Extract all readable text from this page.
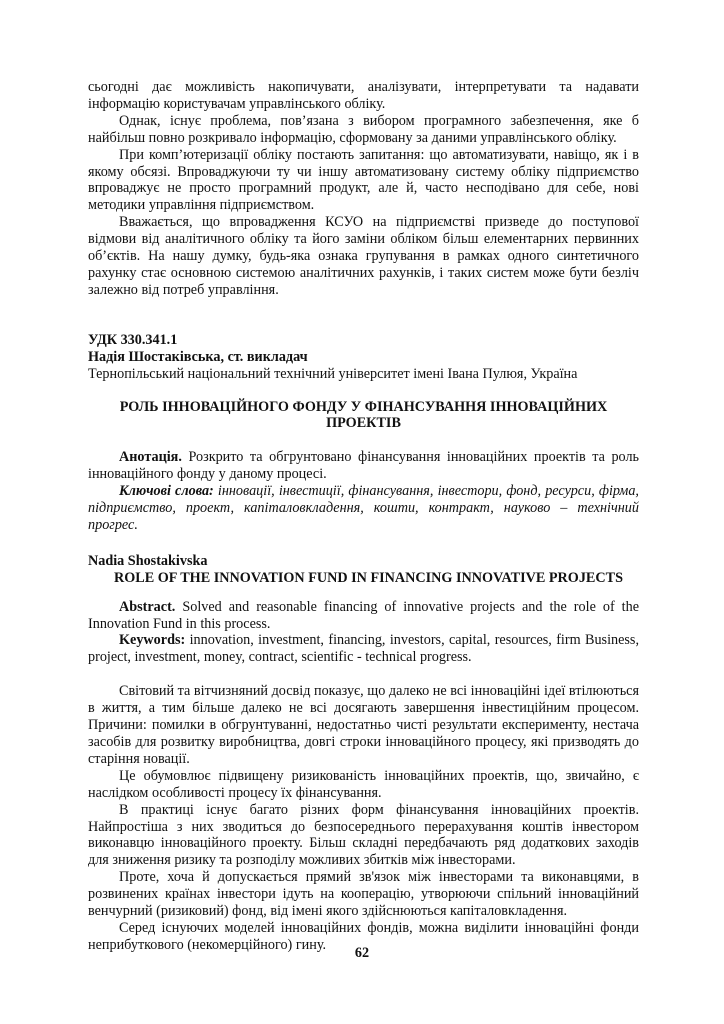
сьогодні дає можливість накопичувати, аналізувати, інтерпретувати та надавати інформацію користувачам управлінського обліку.

Однак, існує проблема, пов’язана з вибором програмного забезпечення, яке б найбільш повно розкривало інформацію, сформовану за даними управлінського обліку.

При комп’ютеризації обліку постають запитання: що автоматизувати, навіщо, як і в якому обсязі. Впроваджуючи ту чи іншу автоматизовану систему обліку підприємство впроваджує не просто програмний продукт, але й, часто несподівано для себе, нові методики управління підприємством.

Вважається, що впровадження КСУО на підприємстві призведе до поступової відмови від аналітичного обліку та його заміни обліком більш елементарних первинних об’єктів. На нашу думку, будь-яка ознака групування в рамках одного синтетичного рахунку стає основною системою аналітичних рахунків, і таких систем може бути безліч залежно від потреб управління.

УДК 330.341.1

Надія Шостаківська, ст. викладач

Тернопільський національний технічний університет імені Івана Пулюя, Україна

РОЛЬ ІННОВАЦІЙНОГО ФОНДУ У ФІНАНСУВАННЯ ІННОВАЦІЙНИХ ПРОЕКТІВ

Анотація. Розкрито та обгрунтовано фінансування інноваційних проектів та роль інноваційного фонду у даному процесі.

Ключові слова: інновації, інвестиції, фінансування, інвестори, фонд, ресурси, фірма, підприємство, проект, капіталовкладення, кошти, контракт, науково – технічний прогрес.

Nadia Shostakivska

ROLE OF THE INNOVATION FUND IN FINANCING INNOVATIVE PROJECTS

Abstract. Solved and reasonable financing of innovative projects and the role of the Innovation Fund in this process.

Keywords: innovation, investment, financing, investors, capital, resources, firm Business, project, investment, money, contract, scientific - technical progress.

Світовий та вітчизняний досвід показує, що далеко не всі інноваційні ідеї втілюються в життя, а тим більше далеко не всі досягають завершення інвестиційним процесом. Причини: помилки в обгрунтуванні, недостатньо чисті результати експерименту, нестача засобів для розвитку виробництва, довгі строки інноваційного процесу, які призводять до старіння новації.

Це обумовлює підвищену ризикованість інноваційних проектів, що, звичайно, є наслідком особливості процесу їх фінансування.

В практиці існує багато різних форм фінансування інноваційних проектів. Найпростіша з них зводиться до безпосереднього перерахування коштів інвестором виконавцю інноваційного проекту. Більш складні передбачають ряд додаткових заходів для зниження ризику та розподілу можливих збитків між інвесторами.

Проте, хоча й допускається прямий зв'язок між інвесторами та виконавцями, в розвинених країнах інвестори ідуть на кооперацію, утворюючи спільний інноваційний венчурний (ризиковий) фонд, від імені якого здійснюються капіталовкладення.

Серед існуючих моделей інноваційних фондів, можна виділити інноваційні фонди неприбуткового (некомерційного) гину.

62
